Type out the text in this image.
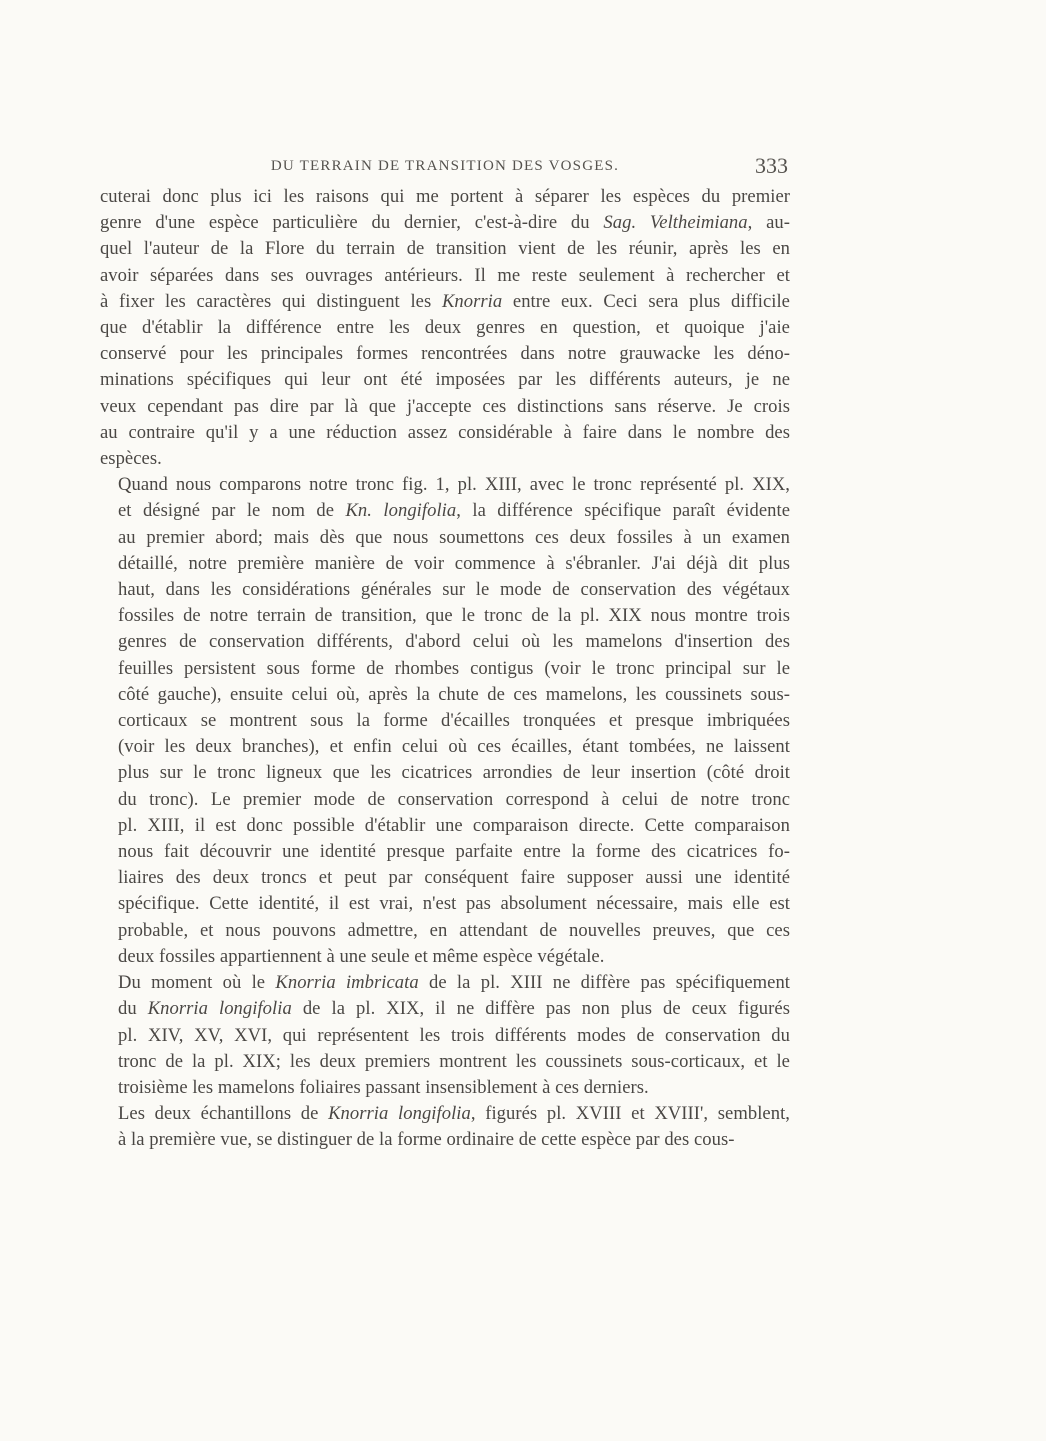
DU TERRAIN DE TRANSITION DES VOSGES.	333

cuterai donc plus ici les raisons qui me portent à séparer les espèces du premier
genre d'une espèce particulière du dernier, c'est-à-dire du Sag. Veltheimiana, au-
quel l'auteur de la Flore du terrain de transition vient de les réunir, après les en
avoir séparées dans ses ouvrages antérieurs. Il me reste seulement à rechercher et
à fixer les caractères qui distinguent les Knorria entre eux. Ceci sera plus difficile
que d'établir la différence entre les deux genres en question, et quoique j'aie
conservé pour les principales formes rencontrées dans notre grauwacke les déno-
minations spécifiques qui leur ont été imposées par les différents auteurs, je ne
veux cependant pas dire par là que j'accepte ces distinctions sans réserve. Je crois
au contraire qu'il y a une réduction assez considérable à faire dans le nombre des
espèces.

Quand nous comparons notre tronc fig. 1, pl. XIII, avec le tronc représenté pl. XIX,
et désigné par le nom de Kn. longifolia, la différence spécifique paraît évidente
au premier abord; mais dès que nous soumettons ces deux fossiles à un examen
détaillé, notre première manière de voir commence à s'ébranler. J'ai déjà dit plus
haut, dans les considérations générales sur le mode de conservation des végétaux
fossiles de notre terrain de transition, que le tronc de la pl. XIX nous montre trois
genres de conservation différents, d'abord celui où les mamelons d'insertion des
feuilles persistent sous forme de rhombes contigus (voir le tronc principal sur le
côté gauche), ensuite celui où, après la chute de ces mamelons, les coussinets sous-
corticaux se montrent sous la forme d'écailles tronquées et presque imbriquées
(voir les deux branches), et enfin celui où ces écailles, étant tombées, ne laissent
plus sur le tronc ligneux que les cicatrices arrondies de leur insertion (côté droit
du tronc). Le premier mode de conservation correspond à celui de notre tronc
pl. XIII, il est donc possible d'établir une comparaison directe. Cette comparaison
nous fait découvrir une identité presque parfaite entre la forme des cicatrices fo-
liaires des deux troncs et peut par conséquent faire supposer aussi une identité
spécifique. Cette identité, il est vrai, n'est pas absolument nécessaire, mais elle est
probable, et nous pouvons admettre, en attendant de nouvelles preuves, que ces
deux fossiles appartiennent à une seule et même espèce végétale.

Du moment où le Knorria imbricata de la pl. XIII ne diffère pas spécifiquement
du Knorria longifolia de la pl. XIX, il ne diffère pas non plus de ceux figurés
pl. XIV, XV, XVI, qui représentent les trois différents modes de conservation du
tronc de la pl. XIX; les deux premiers montrent les coussinets sous-corticaux, et le
troisième les mamelons foliaires passant insensiblement à ces derniers.

Les deux échantillons de Knorria longifolia, figurés pl. XVIII et XVIII', semblent,
à la première vue, se distinguer de la forme ordinaire de cette espèce par des cous-
